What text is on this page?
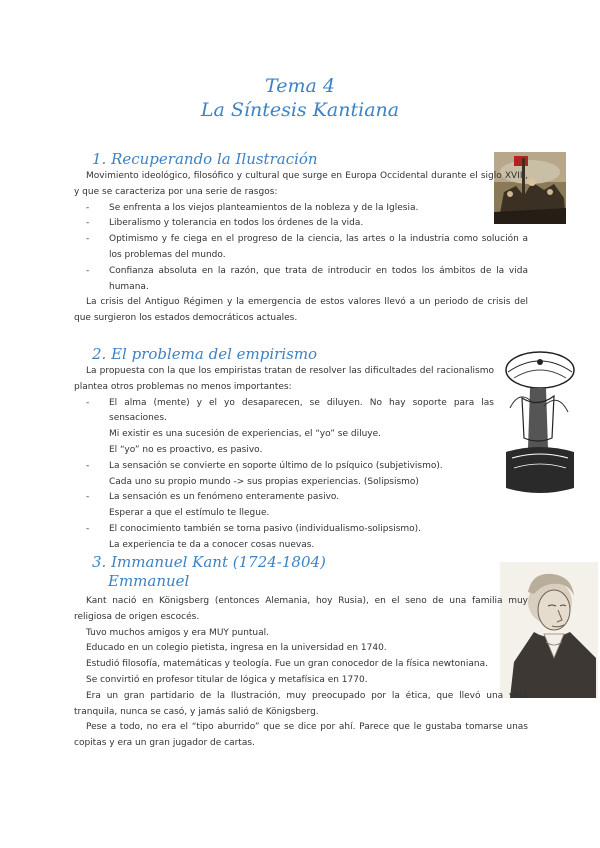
Tema 4
La Síntesis Kantiana
1. Recuperando la Ilustración

Movimiento ideológico, filosófico y cultural que surge en Europa Occidental durante el siglo XVIII, y que se caracteriza por una serie de rasgos:

- Se enfrenta a los viejos planteamientos de la nobleza y de la Iglesia.
- Liberalismo y tolerancia en todos los órdenes de la vida.
- Optimismo y fe ciega en el progreso de la ciencia, las artes o la industria como solución a los problemas del mundo.
- Confianza absoluta en la razón, que trata de introducir en todos los ámbitos de la vida humana.

La crisis del Antiguo Régimen y la emergencia de estos valores llevó a un periodo de crisis del que surgieron los estados democráticos actuales.

2. El problema del empirismo

La propuesta con la que los empiristas tratan de resolver las dificultades del racionalismo plantea otros problemas no menos importantes:

- El alma (mente) y el yo desaparecen, se diluyen. No hay soporte para las sensaciones.
Mi existir es una sucesión de experiencias, el “yo” se diluye.
El “yo” no es proactivo, es pasivo.
- La sensación se convierte en soporte último de lo psíquico (subjetivismo).
Cada uno su propio mundo -> sus propias experiencias. (Solipsismo)
- La sensación es un fenómeno enteramente pasivo.
Esperar a que el estímulo te llegue.
- El conocimiento también se torna pasivo (individualismo-solipsismo).
La experiencia te da a conocer cosas nuevas.
3. Immanuel Kant (1724-1804)
Emmanuel

Kant nació en Königsberg (entonces Alemania, hoy Rusia), en el seno de una familia muy religiosa de origen escocés.

Tuvo muchos amigos y era MUY puntual.

Educado en un colegio pietista, ingresa en la universidad en 1740.

Estudió filosofía, matemáticas y teología. Fue un gran conocedor de la física newtoniana.

Se convirtió en profesor titular de lógica y metafísica en 1770.

Era un gran partidario de la Ilustración, muy preocupado por la ética, que llevó una vida tranquila, nunca se casó, y jamás salió de Königsberg.

Pese a todo, no era el “tipo aburrido” que se dice por ahí. Parece que le gustaba tomarse unas copitas y era un gran jugador de cartas.
